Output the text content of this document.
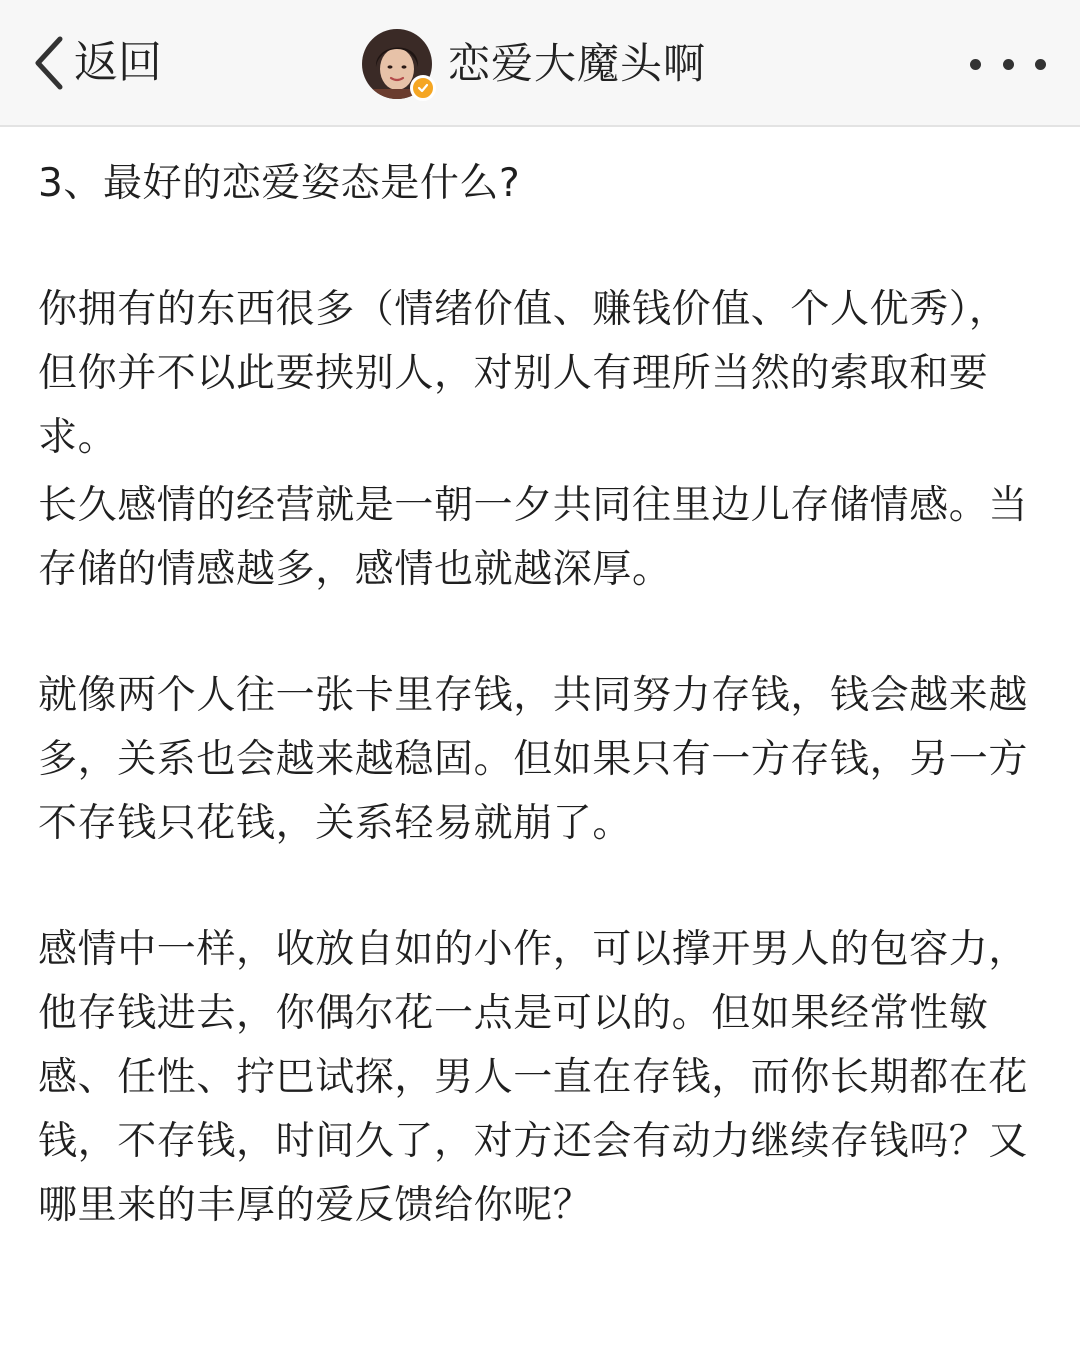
返回	恋爱大魔头啊

3、最好的恋爱姿态是什么?

你拥有的东西很多（情绪价值、赚钱价值、个人优秀），但你并不以此要挟别人，对别人有理所当然的索取和要求。

长久感情的经营就是一朝一夕共同往里边儿存储情感。当存储的情感越多，感情也就越深厚。

就像两个人往一张卡里存钱，共同努力存钱，钱会越来越多，关系也会越来越稳固。但如果只有一方存钱，另一方不存钱只花钱，关系轻易就崩了。

感情中一样，收放自如的小作，可以撑开男人的包容力，他存钱进去，你偶尔花一点是可以的。但如果经常性敏感、任性、拧巴试探，男人一直在存钱，而你长期都在花钱，不存钱，时间久了，对方还会有动力继续存钱吗？又哪里来的丰厚的爱反馈给你呢？
